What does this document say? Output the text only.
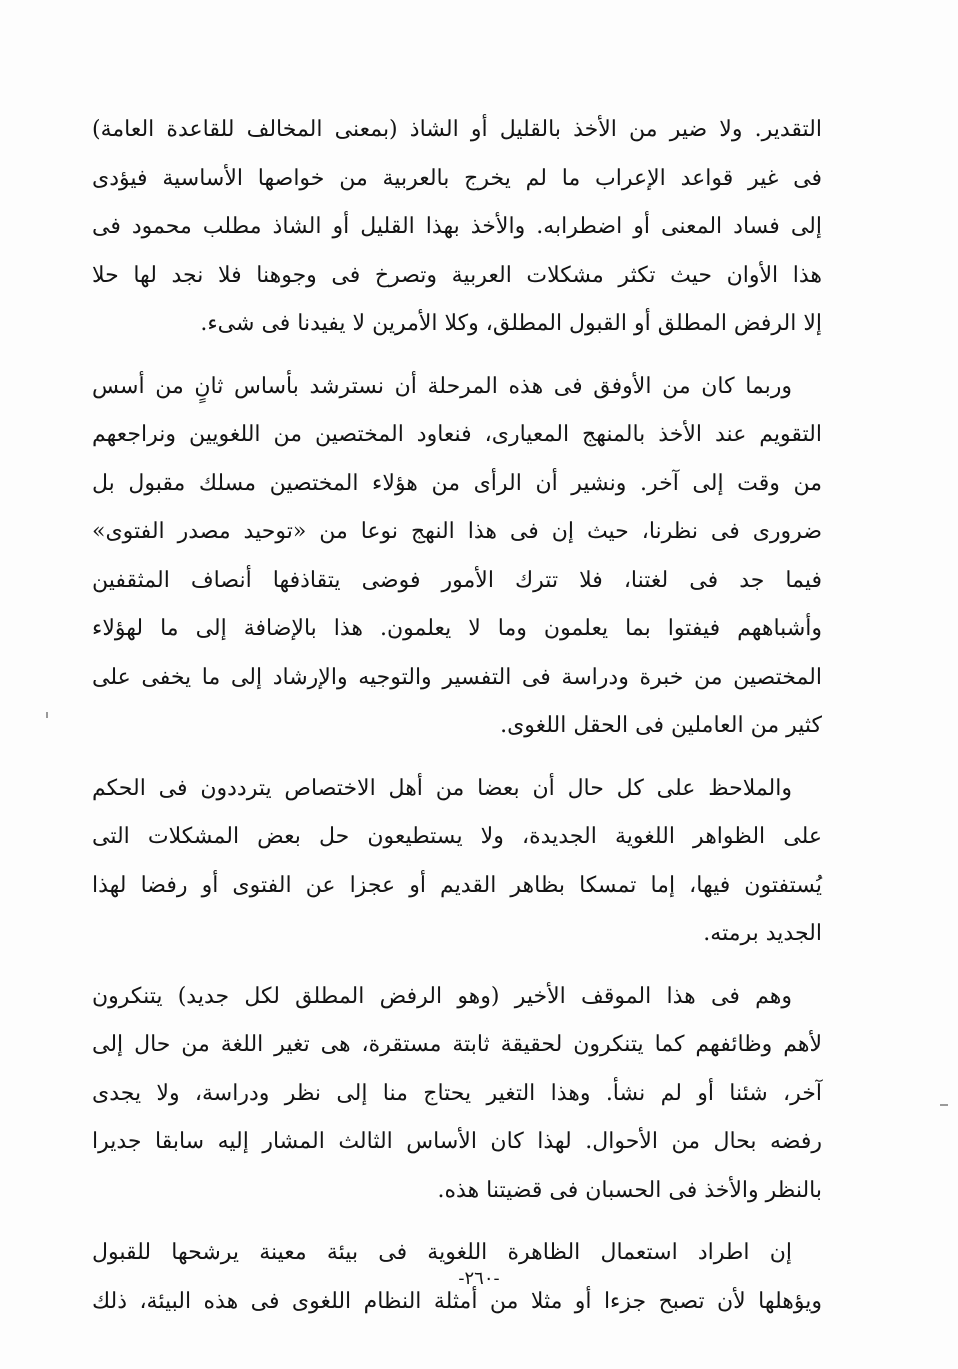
التقدير. ولا ضير من الأخذ بالقليل أو الشاذ (بمعنى المخالف للقاعدة العامة)
فى غير قواعد الإعراب ما لم يخرج بالعربية من خواصها الأساسية فيؤدى
إلى فساد المعنى أو اضطرابه. والأخذ بهذا القليل أو الشاذ مطلب محمود فى
هذا الأوان حيث تكثر مشكلات العربية وتصرخ فى وجوهنا فلا نجد لها حلا
إلا الرفض المطلق أو القبول المطلق، وكلا الأمرين لا يفيدنا فى شىء.

وربما كان من الأوفق فى هذه المرحلة أن نسترشد بأساس ثانٍ من أسس
التقويم عند الأخذ بالمنهج المعيارى، فنعاود المختصين من اللغويين ونراجعهم
من وقت إلى آخر. ونشير أن الرأى من هؤلاء المختصين مسلك مقبول بل
ضرورى فى نظرنا، حيث إن فى هذا النهج نوعا من «توحيد مصدر الفتوى»
فيما جد فى لغتنا، فلا تترك الأمور فوضى يتقاذفها أنصاف المثقفين
وأشباههم فيفتوا بما يعلمون وما لا يعلمون. هذا بالإضافة إلى ما لهؤلاء
المختصين من خبرة ودراسة فى التفسير والتوجيه والإرشاد إلى ما يخفى على
كثير من العاملين فى الحقل اللغوى.

والملاحظ على كل حال أن بعضا من أهل الاختصاص يترددون فى الحكم
على الظواهر اللغوية الجديدة، ولا يستطيعون حل بعض المشكلات التى
يُستفتون فيها، إما تمسكا بظاهر القديم أو عجزا عن الفتوى أو رفضا لهذا
الجديد برمته.

وهم فى هذا الموقف الأخير (وهو الرفض المطلق لكل جديد) يتنكرون
لأهم وظائفهم كما يتنكرون لحقيقة ثابتة مستقرة، هى تغير اللغة من حال إلى
آخر، شئنا أو لم نشأ. وهذا التغير يحتاج منا إلى نظر ودراسة، ولا يجدى
رفضه بحال من الأحوال. لهذا كان الأساس الثالث المشار إليه سابقا جديرا
بالنظر والأخذ فى الحسبان فى قضيتنا هذه.

إن اطراد استعمال الظاهرة اللغوية فى بيئة معينة يرشحها للقبول
ويؤهلها لأن تصبح جزءا أو مثلا من أمثلة النظام اللغوى فى هذه البيئة، ذلك

-٢٦٠-
